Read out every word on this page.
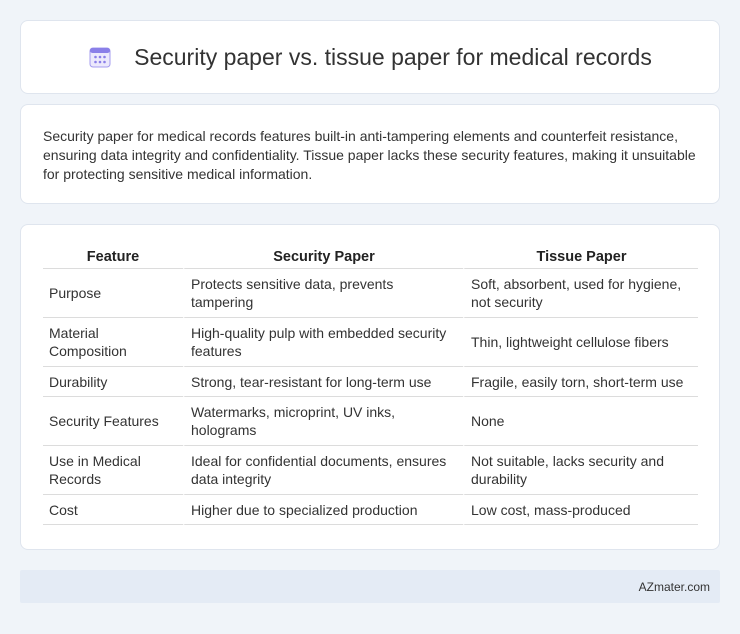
Security paper vs. tissue paper for medical records

Security paper for medical records features built-in anti-tampering elements and counterfeit resistance, ensuring data integrity and confidentiality. Tissue paper lacks these security features, making it unsuitable for protecting sensitive medical information.

Feature	Security Paper	Tissue Paper
Purpose	Protects sensitive data, prevents tampering	Soft, absorbent, used for hygiene, not security
Material Composition	High-quality pulp with embedded security features	Thin, lightweight cellulose fibers
Durability	Strong, tear-resistant for long-term use	Fragile, easily torn, short-term use
Security Features	Watermarks, microprint, UV inks, holograms	None
Use in Medical Records	Ideal for confidential documents, ensures data integrity	Not suitable, lacks security and durability
Cost	Higher due to specialized production	Low cost, mass-produced
AZmater.com
